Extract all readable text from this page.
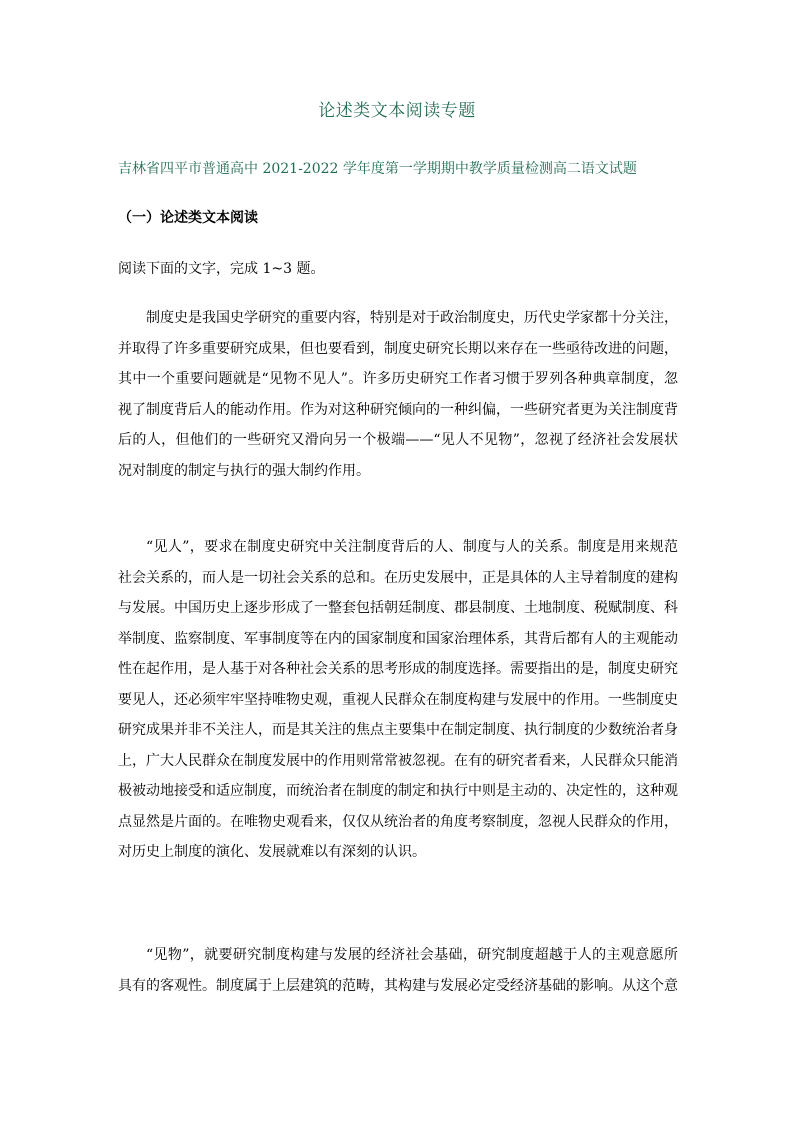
论述类文本阅读专题
吉林省四平市普通高中 2021-2022 学年度第一学期期中教学质量检测高二语文试题
（一）论述类文本阅读
阅读下面的文字，完成 1~3 题。

制度史是我国史学研究的重要内容，特别是对于政治制度史，历代史学家都十分关注，并取得了许多重要研究成果，但也要看到，制度史研究长期以来存在一些亟待改进的问题，其中一个重要问题就是“见物不见人”。许多历史研究工作者习惯于罗列各种典章制度，忽视了制度背后人的能动作用。作为对这种研究倾向的一种纠偏，一些研究者更为关注制度背后的人，但他们的一些研究又滑向另一个极端——“见人不见物”，忽视了经济社会发展状况对制度的制定与执行的强大制约作用。

“见人”，要求在制度史研究中关注制度背后的人、制度与人的关系。制度是用来规范社会关系的，而人是一切社会关系的总和。在历史发展中，正是具体的人主导着制度的建构与发展。中国历史上逐步形成了一整套包括朝廷制度、郡县制度、土地制度、税赋制度、科举制度、监察制度、军事制度等在内的国家制度和国家治理体系，其背后都有人的主观能动性在起作用，是人基于对各种社会关系的思考形成的制度选择。需要指出的是，制度史研究要见人，还必须牢牢坚持唯物史观，重视人民群众在制度构建与发展中的作用。一些制度史研究成果并非不关注人，而是其关注的焦点主要集中在制定制度、执行制度的少数统治者身上，广大人民群众在制度发展中的作用则常常被忽视。在有的研究者看来，人民群众只能消极被动地接受和适应制度，而统治者在制度的制定和执行中则是主动的、决定性的，这种观点显然是片面的。在唯物史观看来，仅仅从统治者的角度考察制度，忽视人民群众的作用，对历史上制度的演化、发展就难以有深刻的认识。

“见物”，就要研究制度构建与发展的经济社会基础，研究制度超越于人的主观意愿所具有的客观性。制度属于上层建筑的范畴，其构建与发展必定受经济基础的影响。从这个意
